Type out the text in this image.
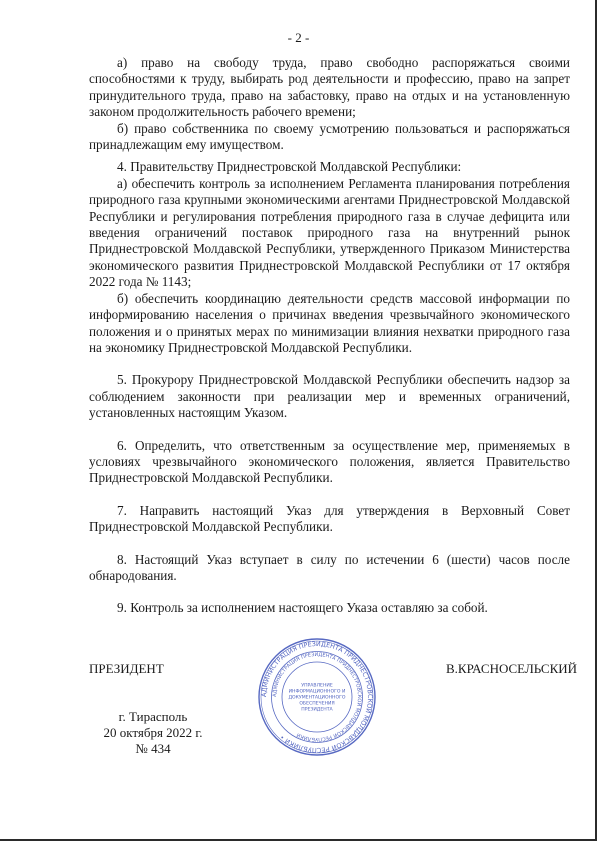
- 2 -

а) право на свободу труда, право свободно распоряжаться своими способностями к труду, выбирать род деятельности и профессию, право на запрет принудительного труда, право на забастовку, право на отдых и на установленную законом продолжительность рабочего времени;

б) право собственника по своему усмотрению пользоваться и распоряжаться принадлежащим ему имуществом.

4. Правительству Приднестровской Молдавской Республики:

а) обеспечить контроль за исполнением Регламента планирования потребления природного газа крупными экономическими агентами Приднестровской Молдавской Республики и регулирования потребления природного газа в случае дефицита или введения ограничений поставок природного газа на внутренний рынок Приднестровской Молдавской Республики, утвержденного Приказом Министерства экономического развития Приднестровской Молдавской Республики от 17 октября 2022 года № 1143;

б) обеспечить координацию деятельности средств массовой информации по информированию населения о причинах введения чрезвычайного экономического положения и о принятых мерах по минимизации влияния нехватки природного газа на экономику Приднестровской Молдавской Республики.

5. Прокурору Приднестровской Молдавской Республики обеспечить надзор за соблюдением законности при реализации мер и временных ограничений, установленных настоящим Указом.

6. Определить, что ответственным за осуществление мер, применяемых в условиях чрезвычайного экономического положения, является Правительство Приднестровской Молдавской Республики.

7. Направить настоящий Указ для утверждения в Верховный Совет Приднестровской Молдавской Республики.

8. Настоящий Указ вступает в силу по истечении 6 (шести) часов после обнародования.

9. Контроль за исполнением настоящего Указа оставляю за собой.

ПРЕЗИДЕНТ	В.КРАСНОСЕЛЬСКИЙ
г. Тирасполь
20 октября 2022 г.
№ 434
АДМИНИСТРАЦИЯ ПРЕЗИДЕНТА ПРИДНЕСТРОВСКОЙ МОЛДАВСКОЙ РЕСПУБЛИКИ •
АДМИНИСТРАЦИЯ ПРЕЗИДЕНТА ПРИДНЕСТРОВСКОЙ МОЛДАВСКОЙ РЕСПУБЛИКИ
УПРАВЛЕНИЕ
ИНФОРМАЦИОННОГО И
ДОКУМЕНТАЦИОННОГО
ОБЕСПЕЧЕНИЯ
ПРЕЗИДЕНТА
